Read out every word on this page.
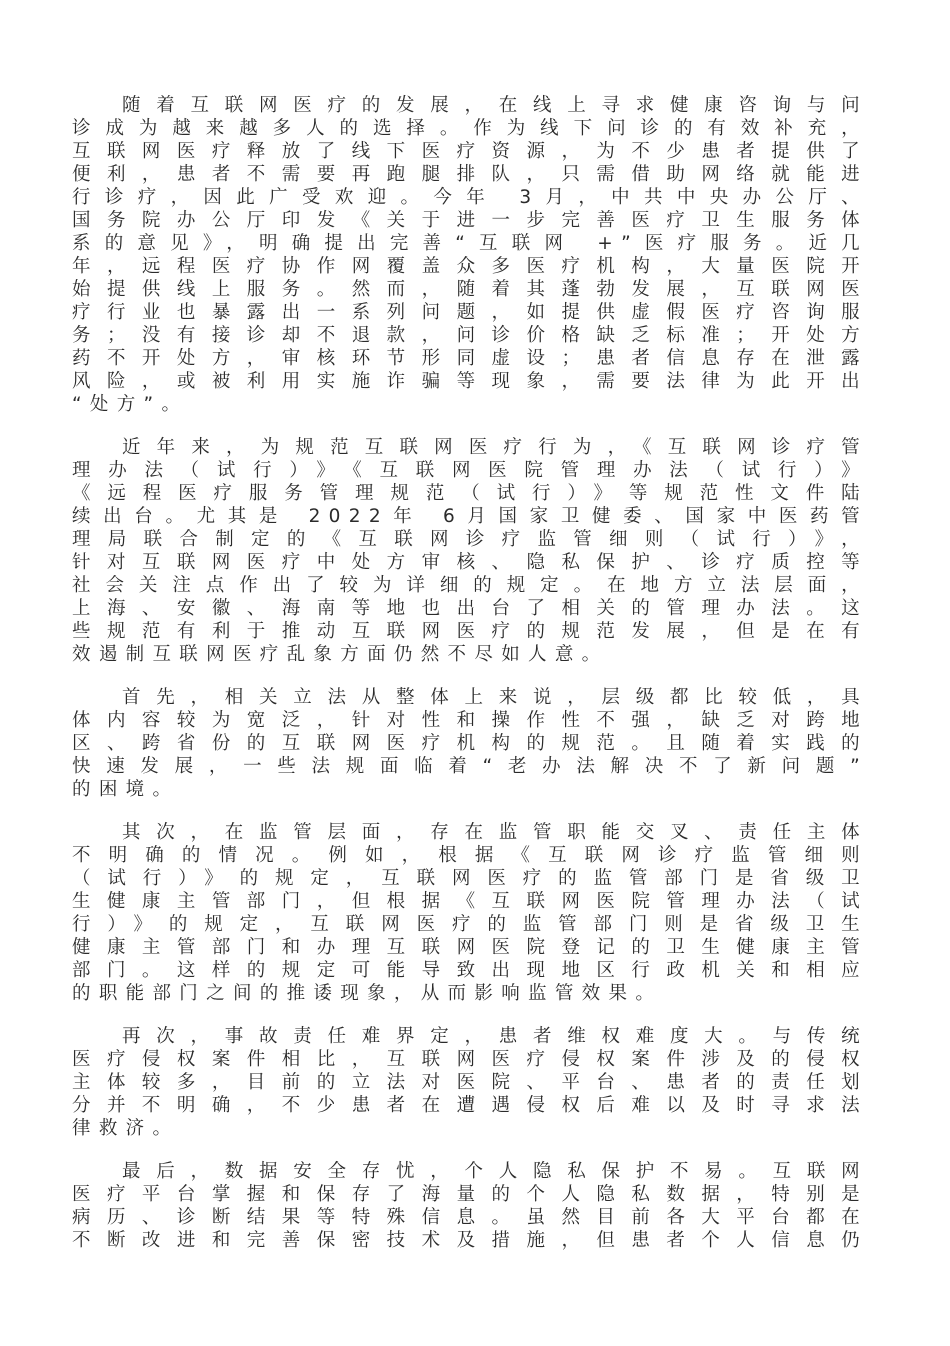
随着互联网医疗的发展，在线上寻求健康咨询与问
诊成为越来越多人的选择。作为线下问诊的有效补充，
互联网医疗释放了线下医疗资源，为不少患者提供了
便利，患者不需要再跑腿排队，只需借助网络就能进
行诊疗，因此广受欢迎。今年 3月，中共中央办公厅、
国务院办公厅印发《关于进一步完善医疗卫生服务体
系的意见》，明确提出完善“互联网 +”医疗服务。近几
年，远程医疗协作网覆盖众多医疗机构，大量医院开
始提供线上服务。然而，随着其蓬勃发展，互联网医
疗行业也暴露出一系列问题，如提供虚假医疗咨询服
务；没有接诊却不退款，问诊价格缺乏标准；开处方
药不开处方，审核环节形同虚设；患者信息存在泄露
风险，或被利用实施诈骗等现象，需要法律为此开出
“处方”。
近年来，为规范互联网医疗行为，《互联网诊疗管
理办法（试行）》《互联网医院管理办法（试行）》
《远程医疗服务管理规范（试行）》等规范性文件陆
续出台。尤其是 2022年 6月国家卫健委、国家中医药管
理局联合制定的《互联网诊疗监管细则（试行）》，
针对互联网医疗中处方审核、隐私保护、诊疗质控等
社会关注点作出了较为详细的规定。在地方立法层面，
上海、安徽、海南等地也出台了相关的管理办法。这
些规范有利于推动互联网医疗的规范发展，但是在有
效遏制互联网医疗乱象方面仍然不尽如人意。
首先，相关立法从整体上来说，层级都比较低，具
体内容较为宽泛，针对性和操作性不强，缺乏对跨地
区、跨省份的互联网医疗机构的规范。且随着实践的
快速发展，一些法规面临着“老办法解决不了新问题”
的困境。
其次，在监管层面，存在监管职能交叉、责任主体
不明确的情况。例如，根据《互联网诊疗监管细则
（试行）》的规定，互联网医疗的监管部门是省级卫
生健康主管部门，但根据《互联网医院管理办法（试
行）》的规定，互联网医疗的监管部门则是省级卫生
健康主管部门和办理互联网医院登记的卫生健康主管
部门。这样的规定可能导致出现地区行政机关和相应
的职能部门之间的推诿现象，从而影响监管效果。
再次，事故责任难界定，患者维权难度大。与传统
医疗侵权案件相比，互联网医疗侵权案件涉及的侵权
主体较多，目前的立法对医院、平台、患者的责任划
分并不明确，不少患者在遭遇侵权后难以及时寻求法
律救济。
最后，数据安全存忧，个人隐私保护不易。互联网
医疗平台掌握和保存了海量的个人隐私数据，特别是
病历、诊断结果等特殊信息。虽然目前各大平台都在
不断改进和完善保密技术及措施，但患者个人信息仍
